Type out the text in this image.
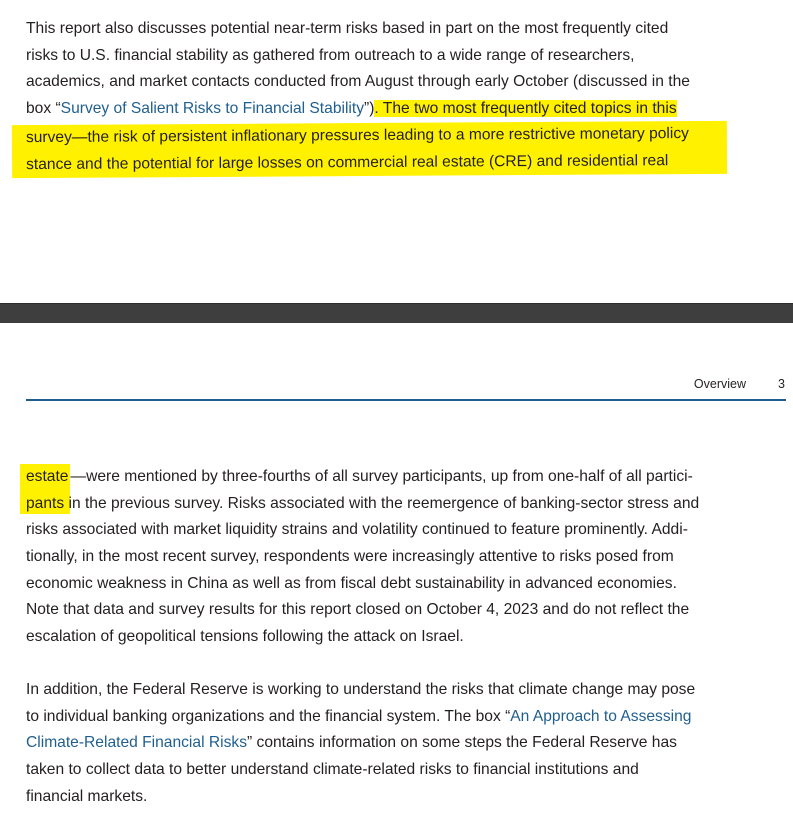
This report also discusses potential near-term risks based in part on the most frequently cited
risks to U.S. financial stability as gathered from outreach to a wide range of researchers,
academics, and market contacts conducted from August through early October (discussed in the
box “Survey of Salient Risks to Financial Stability”). The two most frequently cited topics in this
survey—the risk of persistent inflationary pressures leading to a more restrictive monetary policy
stance and the potential for large losses on commercial real estate (CRE) and residential real
Overview	3
estate —were mentioned by three-fourths of all survey participants, up from one-half of all partici-
pants in the previous survey. Risks associated with the reemergence of banking-sector stress and
risks associated with market liquidity strains and volatility continued to feature prominently. Addi-
tionally, in the most recent survey, respondents were increasingly attentive to risks posed from
economic weakness in China as well as from fiscal debt sustainability in advanced economies.
Note that data and survey results for this report closed on October 4, 2023 and do not reflect the
escalation of geopolitical tensions following the attack on Israel.
In addition, the Federal Reserve is working to understand the risks that climate change may pose
to individual banking organizations and the financial system. The box “An Approach to Assessing
Climate-Related Financial Risks” contains information on some steps the Federal Reserve has
taken to collect data to better understand climate-related risks to financial institutions and
financial markets.
